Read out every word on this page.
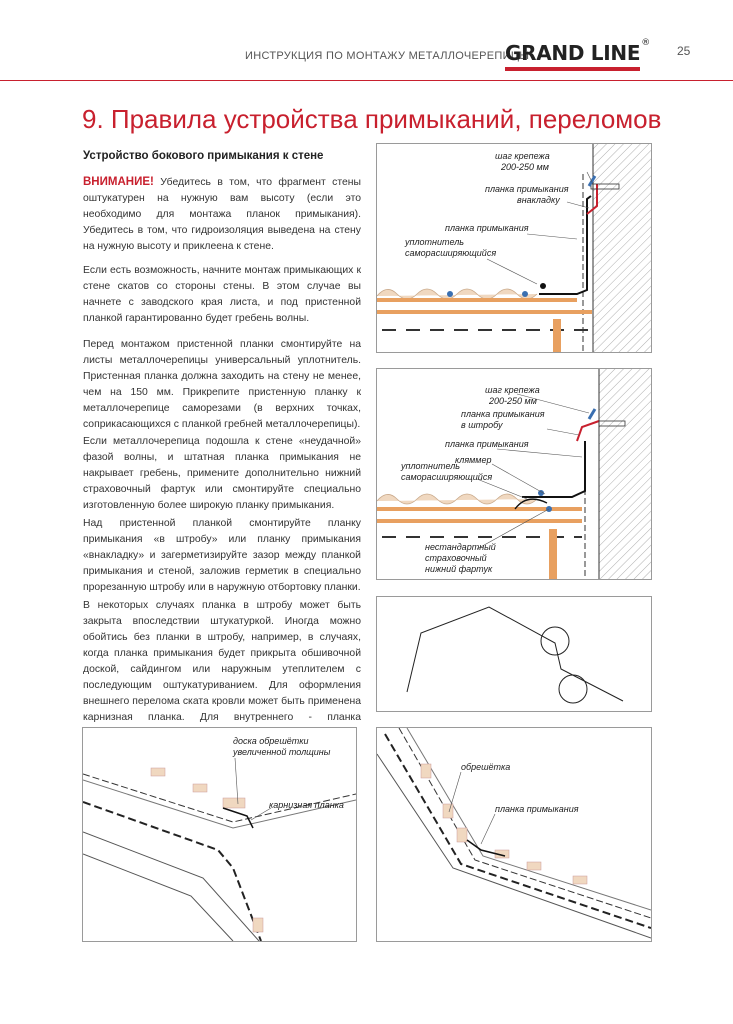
ИНСТРУКЦИЯ ПО МОНТАЖУ МЕТАЛЛОЧЕРЕПИЦЫ
GRAND LINE®
25
9. Правила устройства примыканий, переломов
Устройство бокового примыкания к стене

ВНИМАНИЕ! Убедитесь в том, что фрагмент стены оштукатурен на нужную вам высоту (если это необходимо для монтажа планок примыкания). Убедитесь в том, что гидроизоляция выведена на стену на нужную высоту и приклеена к стене.

Если есть возможность, начните монтаж примыкающих к стене скатов со стороны стены. В этом случае вы начнете с заводского края листа, и под пристенной планкой гарантированно будет гребень волны.

Перед монтажом пристенной планки смонтируйте на листы металлочерепицы универсальный уплотнитель. Пристенная планка должна заходить на стену не менее, чем на 150 мм. Прикрепите пристенную планку к металлочерепице саморезами (в верхних точках, соприкасающихся с планкой гребней металлочерепицы).

Если металлочерепица подошла к стене «неудачной» фазой волны, и штатная планка примыкания не накрывает гребень, примените дополнительно нижний страховочный фартук или смонтируйте специально изготовленную более широкую планку примыкания.

Над пристенной планкой смонтируйте планку примыкания «в штробу» или планку примыкания «внакладку» и загерметизируйте зазор между планкой примыкания и стеной, заложив герметик в специально прорезанную штробу или в наружную отбортовку планки.

В некоторых случаях планка в штробу может быть закрыта впоследствии штукатуркой. Иногда можно обойтись без планки в штробу, например, в случаях, когда планка примыкания будет прикрыта обшивочной доской, сайдингом или наружным утеплителем с последующим оштукатуриванием. Для оформления внешнего перелома ската кровли может быть применена карнизная планка. Для внутреннего - планка

шаг крепежа
200-250 мм
планка примыкания
внакладку
планка примыкания
уплотнитель
саморасширяющийся
шаг крепежа
200-250 мм
планка примыкания
в штробу
планка примыкания
кляммер
уплотнитель
саморасширяющийся
нестандартный
страховочный
нижний фартук
доска обрешётки
увеличенной толщины
карнизная планка
обрешётка
планка примыкания
